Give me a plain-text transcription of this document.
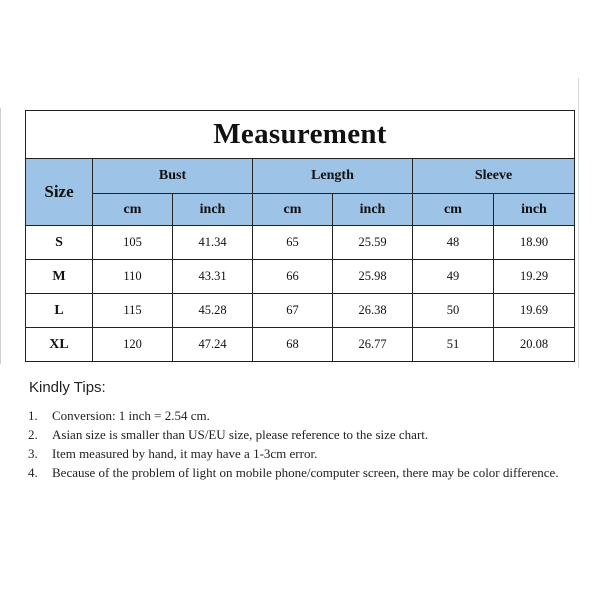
Measurement						
Size	Bust		Length		Sleeve	
	cm	inch	cm	inch	cm	inch
S	105	41.34	65	25.59	48	18.90
M	110	43.31	66	25.98	49	19.29
L	115	45.28	67	26.38	50	19.69
XL	120	47.24	68	26.77	51	20.08
Kindly Tips:
1.	Conversion: 1 inch = 2.54 cm.
2.	Asian size is smaller than US/EU size, please reference to the size chart.
3.	Item measured by hand, it may have a 1-3cm error.
4.	Because of the problem of light on mobile phone/computer screen, there may be color difference.
